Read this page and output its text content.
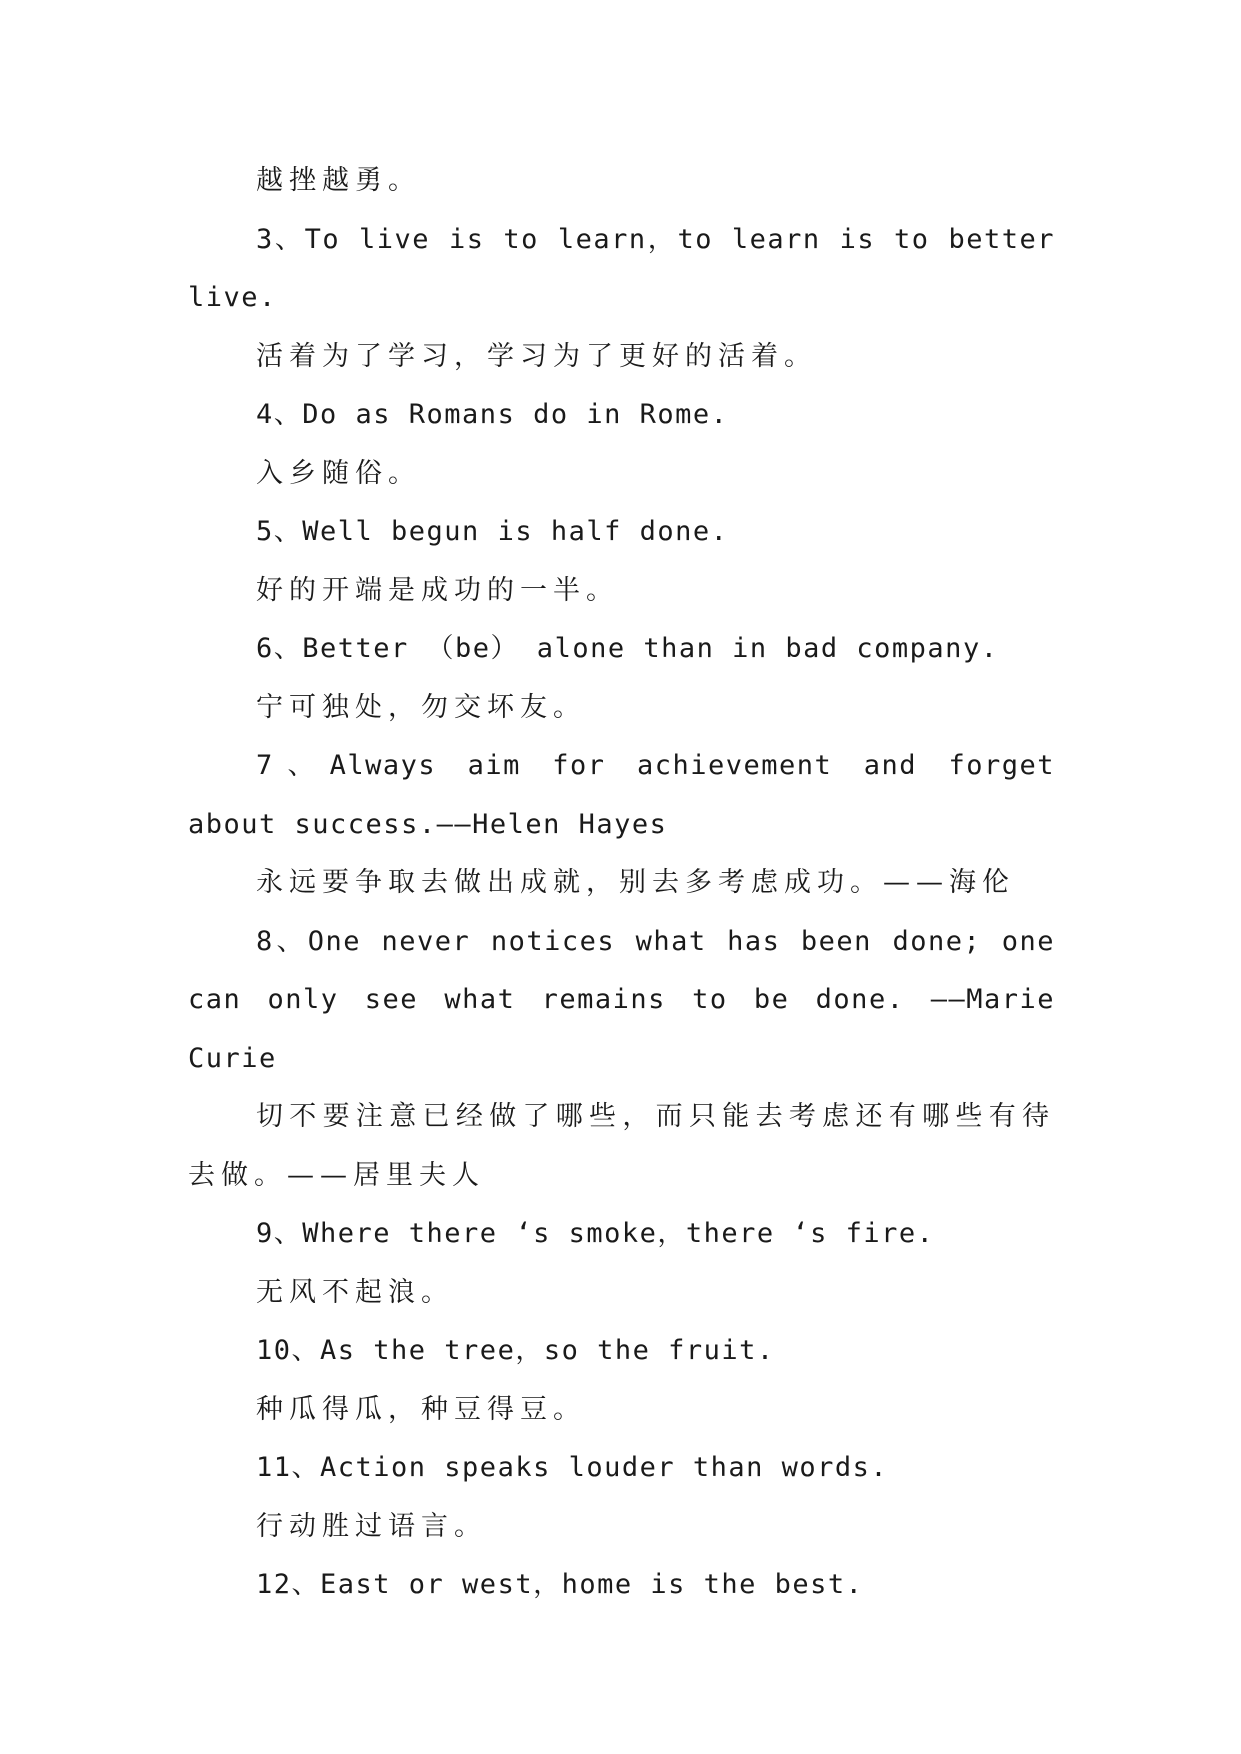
越挫越勇。

3、To live is to learn，to learn is to better live.

活着为了学习，学习为了更好的活着。

4、Do as Romans do in Rome.

入乡随俗。

5、Well begun is half done.

好的开端是成功的一半。

6、Better （be） alone than in bad company.

宁可独处，勿交坏友。

7、Always aim for achievement and forget about success.——Helen Hayes

永远要争取去做出成就，别去多考虑成功。——海伦

8、One never notices what has been done; one can only see what remains to be done. ——Marie Curie

切不要注意已经做了哪些，而只能去考虑还有哪些有待去做。——居里夫人

9、Where there ‘s smoke，there ‘s fire.

无风不起浪。

10、As the tree，so the fruit.

种瓜得瓜，种豆得豆。

11、Action speaks louder than words.

行动胜过语言。

12、East or west，home is the best.
